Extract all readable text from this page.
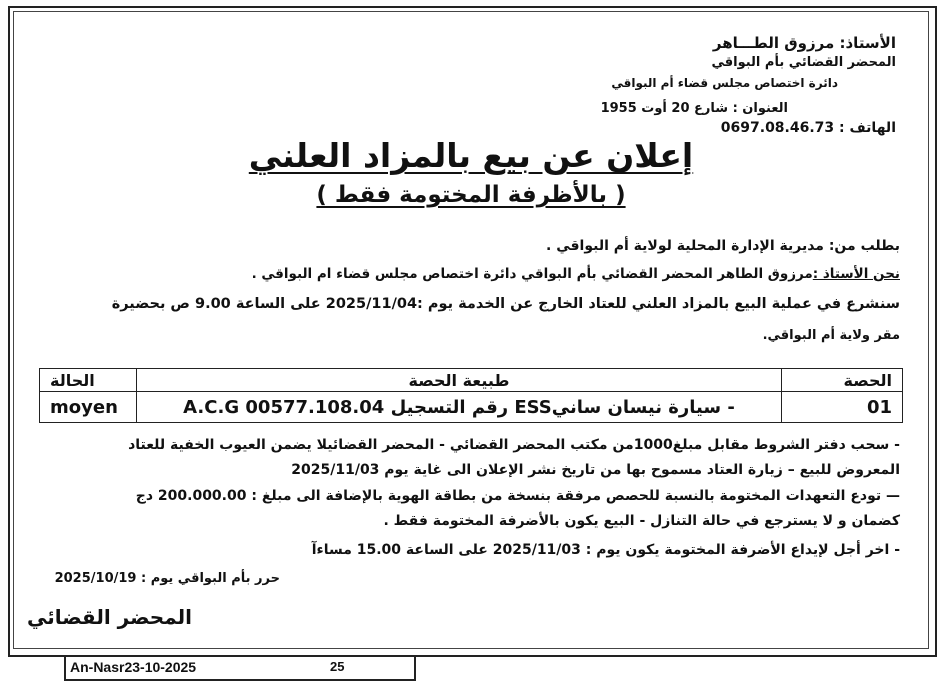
الأستاذ: مرزوق الطـــاهر
المحضر القضائي بأم البواقي
دائرة اختصاص مجلس قضاء أم البواقي
العنوان : شارع 20 أوت 1955
الهاتف : 0697.08.46.73
إعلان عن بيع بالمزاد العلني
( بالأظرفة المختومة فقط )
بطلب من: مديرية الإدارة المحلية لولاية أم البواقي .
نحن الأستاذ :مرزوق الطاهر المحضر القضائي بأم البواقي دائرة اختصاص مجلس قضاء ام البواقي .
سنشرع في عملية البيع بالمزاد العلني للعتاد الخارج عن الخدمة يوم :2025/11/04 على الساعة 9.00 ص بحضيرة
مقر ولاية أم البواقي.
الحصة	طبيعة الحصة	الحالة
01	- سيارة نيسان سانيESS رقم التسجيل 00577.108.04 A.C.G	moyen
- سحب دفتر الشروط مقابل مبلغ1000من مكتب المحضر القضائي - المحضر القضائيلا يضمن العيوب الخفية للعتاد
المعروض للبيع – زيارة العتاد مسموح بها من تاريخ نشر الإعلان الى غاية يوم 2025/11/03
— تودع التعهدات المختومة بالنسبة للحصص مرفقة بنسخة من بطاقة الهوية بالإضافة الى مبلغ : 200.000.00 دج
كضمان و لا يسترجع في حالة التنازل - البيع يكون بالأضرفة المختومة فقط .
- اخر أجل لإيداع الأضرفة المختومة يكون يوم : 2025/11/03 على الساعة 15.00 مساءآ
حرر بأم البواقي يوم : 2025/10/19
المحضر القضائي
An-Nasr23-10-2025	25
